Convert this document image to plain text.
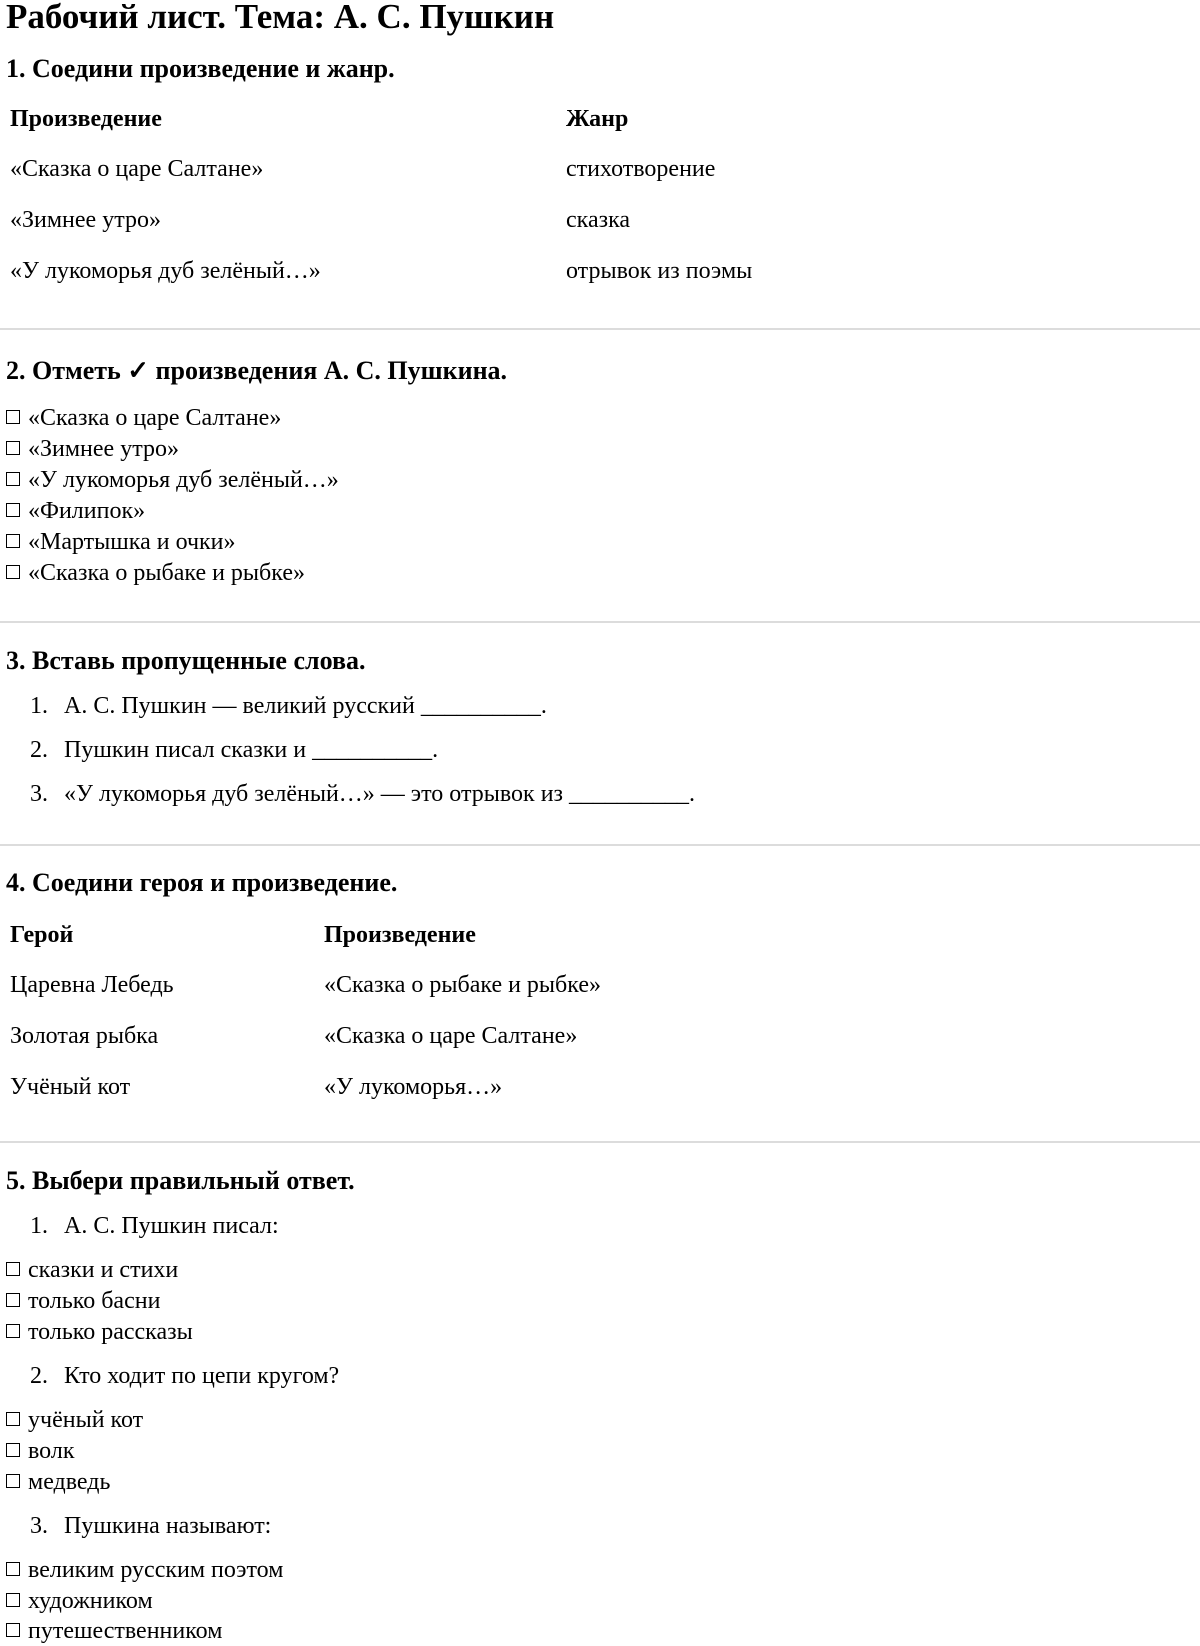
Рабочий лист. Тема: А. С. Пушкин
1. Соедини произведение и жанр.
Произведение	Жанр
«Сказка о царе Салтане»	стихотворение
«Зимнее утро»	сказка
«У лукоморья дуб зелёный…»	отрывок из поэмы
2. Отметь ✓ произведения А. С. Пушкина.
«Сказка о царе Салтане»
«Зимнее утро»
«У лукоморья дуб зелёный…»
«Филипок»
«Мартышка и очки»
«Сказка о рыбаке и рыбке»
3. Вставь пропущенные слова.
1. А. С. Пушкин — великий русский __________.
2. Пушкин писал сказки и __________.
3. «У лукоморья дуб зелёный…» — это отрывок из __________.
4. Соедини героя и произведение.
Герой	Произведение
Царевна Лебедь	«Сказка о рыбаке и рыбке»
Золотая рыбка	«Сказка о царе Салтане»
Учёный кот	«У лукоморья…»
5. Выбери правильный ответ.
1. А. С. Пушкин писал:
сказки и стихи
только басни
только рассказы
2. Кто ходит по цепи кругом?
учёный кот
волк
медведь
3. Пушкина называют:
великим русским поэтом
художником
путешественником
